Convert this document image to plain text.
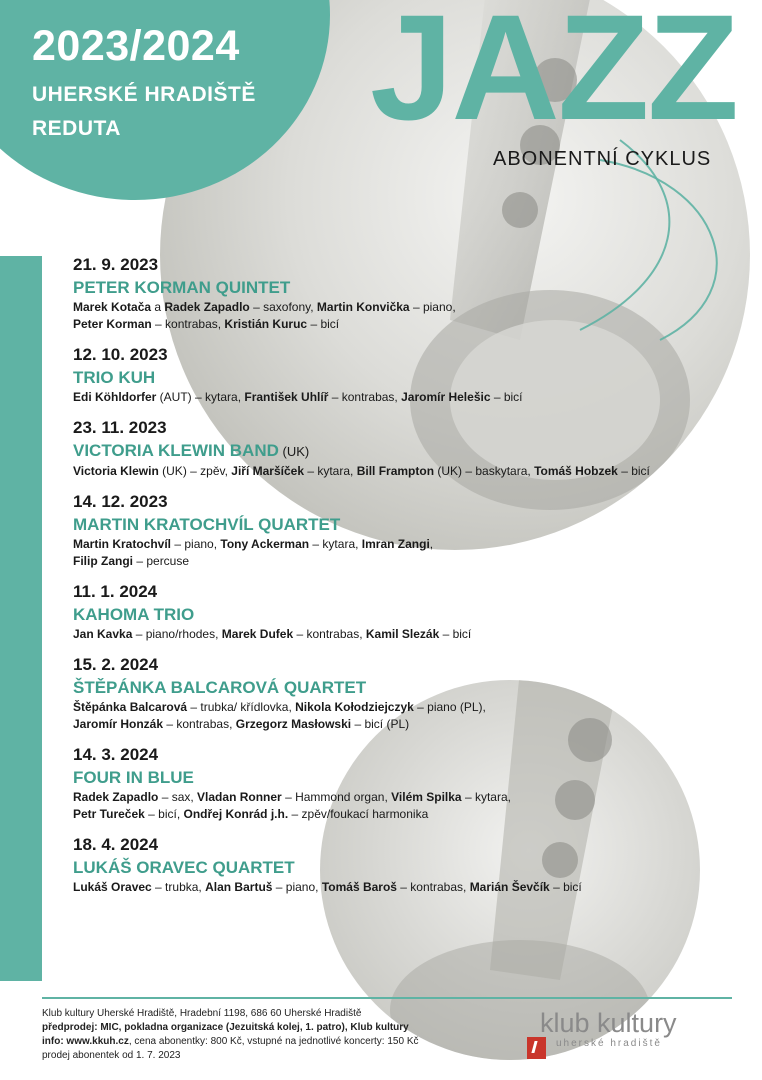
2023/2024
UHERSKÉ HRADIŠTĚ
REDUTA	JAZZ
ABONENTNÍ CYKLUS
21. 9. 2023
PETER KORMAN QUINTET
Marek Kotača a Radek Zapadlo – saxofony, Martin Konvička – piano,
Peter Korman – kontrabas, Kristián Kuruc – bicí
12. 10. 2023
TRIO KUH
Edi Köhldorfer (AUT) – kytara, František Uhlíř – kontrabas, Jaromír Helešic – bicí
23. 11. 2023
VICTORIA KLEWIN BAND (UK)
Victoria Klewin (UK) – zpěv, Jiří Maršíček – kytara, Bill Frampton (UK) – baskytara, Tomáš Hobzek – bicí
14. 12. 2023
MARTIN KRATOCHVÍL QUARTET
Martin Kratochvíl – piano, Tony Ackerman – kytara, Imran Zangi,
Filip Zangi – percuse
11. 1. 2024
KAHOMA TRIO
Jan Kavka – piano/rhodes, Marek Dufek – kontrabas, Kamil Slezák – bicí
15. 2. 2024
ŠTĚPÁNKA BALCAROVÁ QUARTET
Štěpánka Balcarová – trubka/ křídlovka, Nikola Kołodziejczyk – piano (PL),
Jaromír Honzák – kontrabas, Grzegorz Masłowski – bicí (PL)
14. 3. 2024
FOUR IN BLUE
Radek Zapadlo – sax, Vladan Ronner – Hammond organ, Vilém Spilka – kytara,
Petr Tureček – bicí, Ondřej Konrád j.h. – zpěv/foukací harmonika
18. 4. 2024
LUKÁŠ ORAVEC QUARTET
Lukáš Oravec – trubka, Alan Bartuš – piano, Tomáš Baroš – kontrabas, Marián Ševčík – bicí
Klub kultury Uherské Hradiště, Hradební 1198, 686 60 Uherské Hradiště
předprodej: MIC, pokladna organizace (Jezuitská kolej, 1. patro), Klub kultury
info: www.kkuh.cz, cena abonentky: 800 Kč, vstupné na jednotlivé koncerty: 150 Kč
prodej abonentek od 1. 7. 2023
klub kultury
uherské hradiště
